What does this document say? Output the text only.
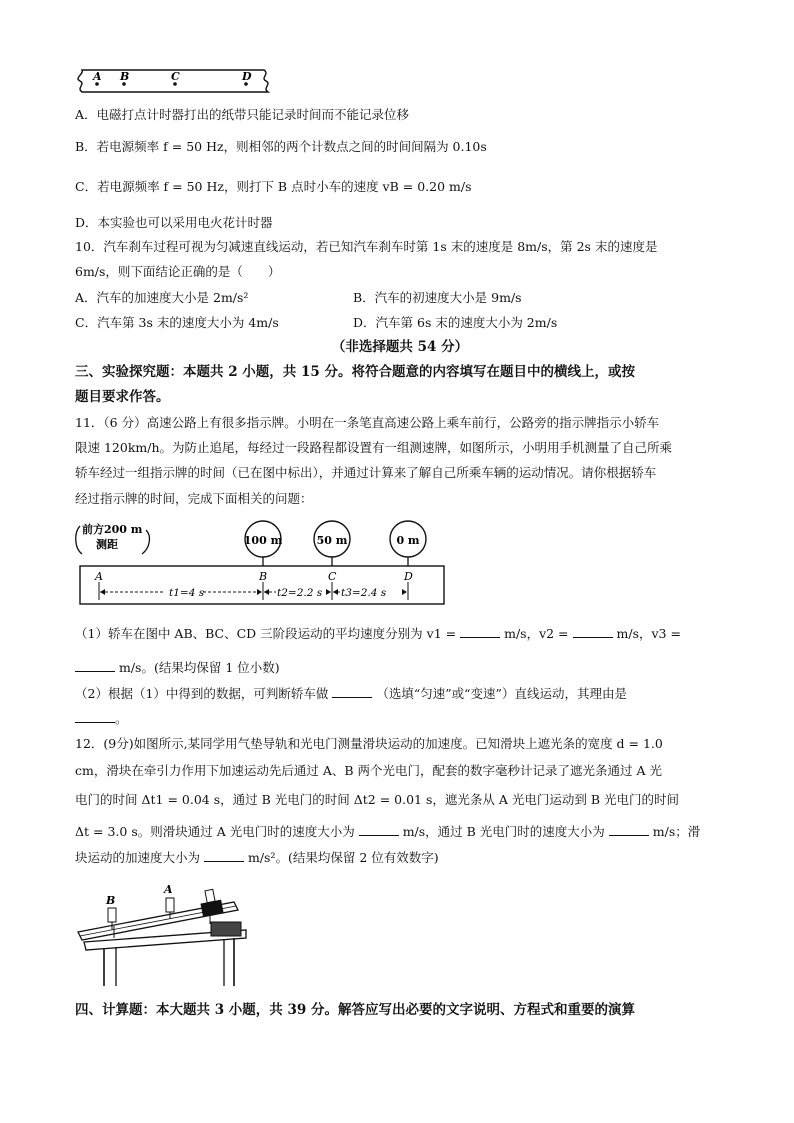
A B	C	D
A．电磁打点计时器打出的纸带只能记录时间而不能记录位移
B．若电源频率 f = 50 Hz，则相邻的两个计数点之间的时间间隔为 0.10s
C．若电源频率 f = 50 Hz，则打下 B 点时小车的速度 vB = 0.20 m/s
D．本实验也可以采用电火花计时器
10．汽车刹车过程可视为匀减速直线运动，若已知汽车刹车时第 1s 末的速度是 8m/s，第 2s 末的速度是
6m/s，则下面结论正确的是（　　）
A．汽车的加速度大小是 2m/s²	B．汽车的初速度大小是 9m/s
C．汽车第 3s 末的速度大小为 4m/s	D．汽车第 6s 末的速度大小为 2m/s
（非选择题共 54 分）
三、实验探究题：本题共 2 小题，共 15 分。将符合题意的内容填写在题目中的横线上，或按
题目要求作答。
11．（6 分）高速公路上有很多指示牌。小明在一条笔直高速公路上乘车前行，公路旁的指示牌指示小轿车
限速 120km/h。为防止追尾，每经过一段路程都设置有一组测速牌，如图所示，小明用手机测量了自己所乘
轿车经过一组指示牌的时间（已在图中标出），并通过计算来了解自己所乘车辆的运动情况。请你根据轿车
经过指示牌的时间，完成下面相关的问题：
前方200 m
测距	100 m	50 m	0 m
A	B	C	D
t1=4 s	t2=2.2 s t3=2.4 s
（1）轿车在图中 AB、BC、CD 三阶段运动的平均速度分别为 v1 =	m/s，v2 =	m/s，v3 =
m/s。(结果均保留 1 位小数)
（2）根据（1）中得到的数据，可判断轿车做	（选填“匀速”或“变速”）直线运动，其理由是
。
12．(9分)如图所示,某同学用气垫导轨和光电门测量滑块运动的加速度。已知滑块上遮光条的宽度 d = 1.0
cm，滑块在牵引力作用下加速运动先后通过 A、B 两个光电门，配套的数字毫秒计记录了遮光条通过 A 光
电门的时间 Δt1 = 0.04 s，通过 B 光电门的时间 Δt2 = 0.01 s，遮光条从 A 光电门运动到 B 光电门的时间
Δt = 3.0 s。则滑块通过 A 光电门时的速度大小为	m/s，通过 B 光电门时的速度大小为	m/s；滑
块运动的加速度大小为	m/s²。(结果均保留 2 位有效数字)
B
A
四、计算题：本大题共 3 小题，共 39 分。解答应写出必要的文字说明、方程式和重要的演算
